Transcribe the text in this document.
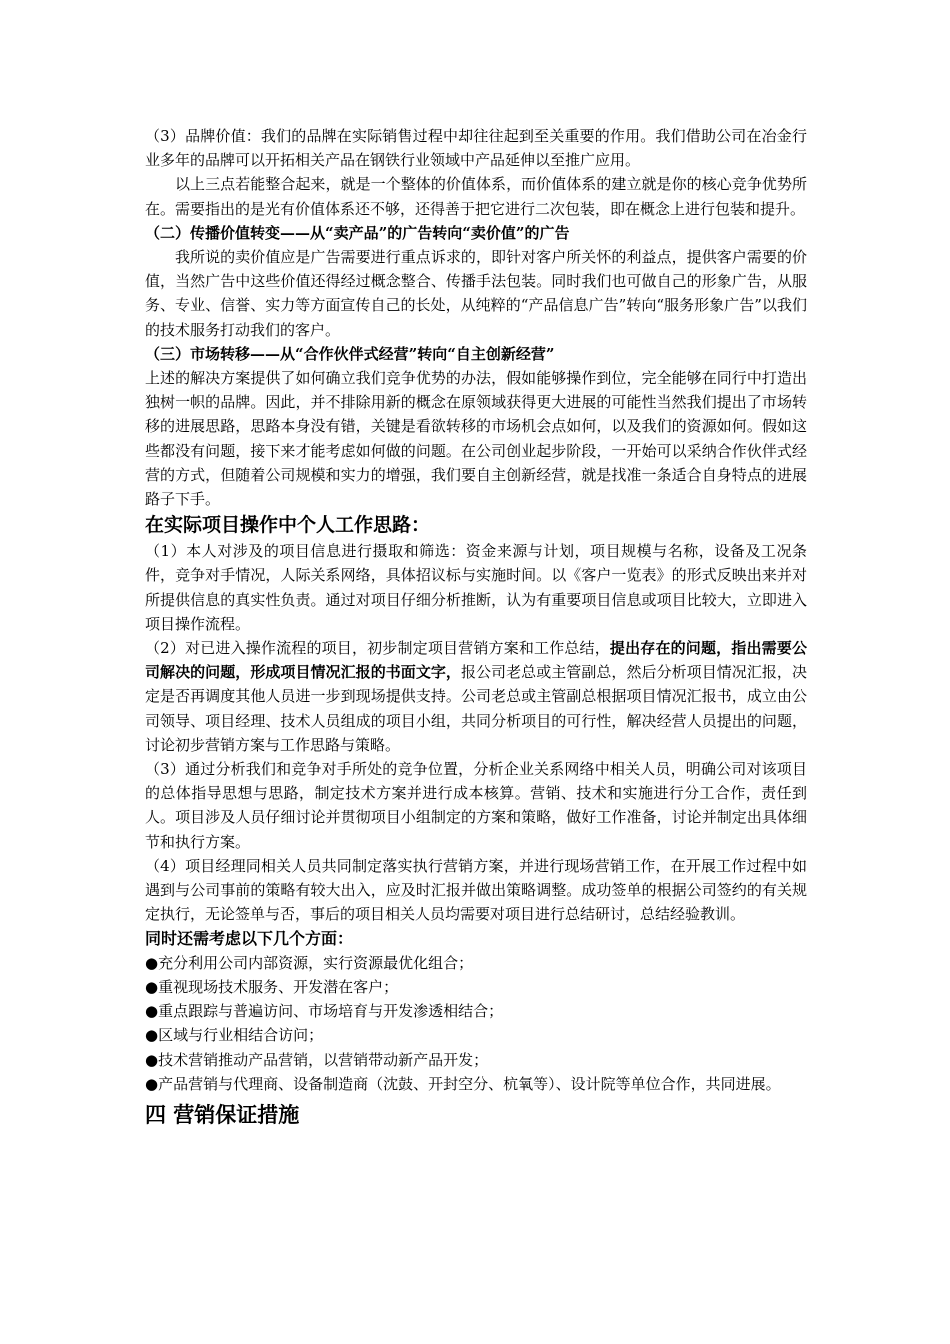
（3）品牌价值：我们的品牌在实际销售过程中却往往起到至关重要的作用。我们借助公司在冶金行业多年的品牌可以开拓相关产品在钢铁行业领域中产品延伸以至推广应用。

以上三点若能整合起来，就是一个整体的价值体系，而价值体系的建立就是你的核心竞争优势所在。需要指出的是光有价值体系还不够，还得善于把它进行二次包装，即在概念上进行包装和提升。

（二）传播价值转变——从“卖产品”的广告转向“卖价值”的广告

我所说的卖价值应是广告需要进行重点诉求的，即针对客户所关怀的利益点，提供客户需要的价值，当然广告中这些价值还得经过概念整合、传播手法包装。同时我们也可做自己的形象广告，从服务、专业、信誉、实力等方面宣传自己的长处，从纯粹的“产品信息广告”转向“服务形象广告”以我们的技术服务打动我们的客户。

（三）市场转移——从“合作伙伴式经营”转向“自主创新经营”

上述的解决方案提供了如何确立我们竞争优势的办法，假如能够操作到位，完全能够在同行中打造出独树一帜的品牌。因此，并不排除用新的概念在原领域获得更大进展的可能性当然我们提出了市场转移的进展思路，思路本身没有错，关键是看欲转移的市场机会点如何，以及我们的资源如何。假如这些都没有问题，接下来才能考虑如何做的问题。在公司创业起步阶段，一开始可以采纳合作伙伴式经营的方式，但随着公司规模和实力的增强，我们要自主创新经营，就是找准一条适合自身特点的进展路子下手。

在实际项目操作中个人工作思路：

（1）本人对涉及的项目信息进行摄取和筛选：资金来源与计划，项目规模与名称，设备及工况条件，竞争对手情况，人际关系网络，具体招议标与实施时间。以《客户一览表》的形式反映出来并对所提供信息的真实性负责。通过对项目仔细分析推断，认为有重要项目信息或项目比较大，立即进入项目操作流程。

（2）对已进入操作流程的项目，初步制定项目营销方案和工作总结，提出存在的问题，指出需要公司解决的问题，形成项目情况汇报的书面文字，报公司老总或主管副总，然后分析项目情况汇报，决定是否再调度其他人员进一步到现场提供支持。公司老总或主管副总根据项目情况汇报书，成立由公司领导、项目经理、技术人员组成的项目小组，共同分析项目的可行性，解决经营人员提出的问题，讨论初步营销方案与工作思路与策略。

（3）通过分析我们和竞争对手所处的竞争位置，分析企业关系网络中相关人员，明确公司对该项目的总体指导思想与思路，制定技术方案并进行成本核算。营销、技术和实施进行分工合作，责任到人。项目涉及人员仔细讨论并贯彻项目小组制定的方案和策略，做好工作准备，讨论并制定出具体细节和执行方案。

（4）项目经理同相关人员共同制定落实执行营销方案，并进行现场营销工作，在开展工作过程中如遇到与公司事前的策略有较大出入，应及时汇报并做出策略调整。成功签单的根据公司签约的有关规定执行，无论签单与否，事后的项目相关人员均需要对项目进行总结研讨，总结经验教训。

同时还需考虑以下几个方面：

●充分利用公司内部资源，实行资源最优化组合；
●重视现场技术服务、开发潜在客户；
●重点跟踪与普遍访问、市场培育与开发渗透相结合；
●区域与行业相结合访问；
●技术营销推动产品营销，以营销带动新产品开发；
●产品营销与代理商、设备制造商（沈鼓、开封空分、杭氧等）、设计院等单位合作，共同进展。

四 营销保证措施
